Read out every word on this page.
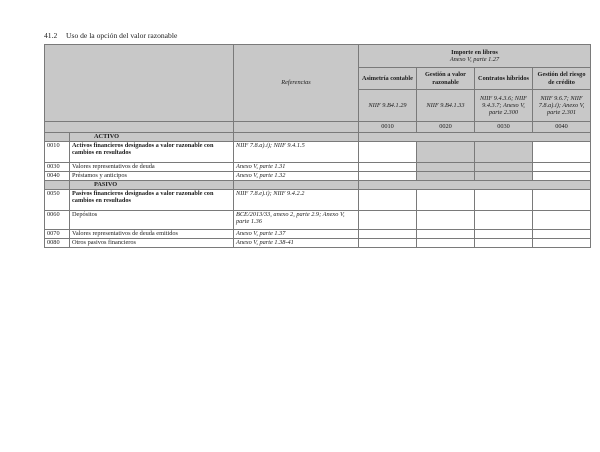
41.2 Uso de la opción del valor razonable
		Referencias	Importe en libros
Anexo V, parte 1.27			

			Asimetría contable	Gestión a valor razonable	Contratos híbridos	Gestión del riesgo de crédito
			NIIF 9.B4.1.29	NIIF 9.B4.1.33	NIIF 9.4.3.6; NIIF 9.4.3.7; Anexo V, parte 2.300	NIIF 9.6.7; NIIF 7.8.a).i); Anexo V, parte 2.301
			0010	0020	0030	0040
	ACTIVO					
0010	Activos financieros designados a valor razonable con cambios en resultados	NIIF 7.8.a).i); NIIF 9.4.1.5				
0030	Valores representativos de deuda	Anexo V, parte 1.31				
0040	Préstamos y anticipos	Anexo V, parte 1.32				
	PASIVO					
0050	Pasivos financieros designados a valor razonable con cambios en resultados	NIIF 7.8.e).i); NIIF 9.4.2.2				
0060	Depósitos	BCE/2013/33, anexo 2, parte 2.9; Anexo V, parte 1.36				
0070	Valores representativos de deuda emitidos	Anexo V, parte 1.37				
0080	Otros pasivos financieros	Anexo V, parte 1.38-41				
